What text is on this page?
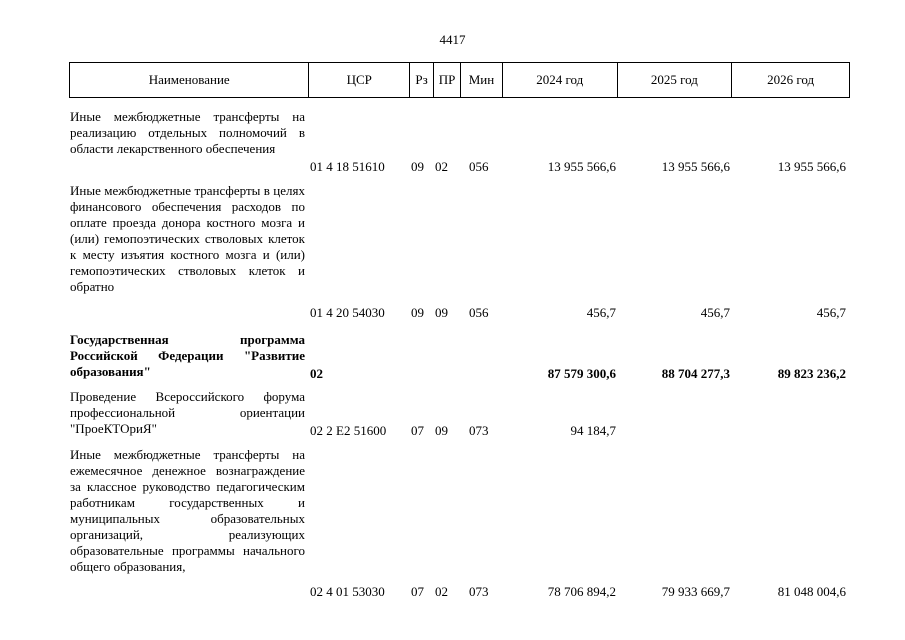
4417
Наименование	ЦСР	Рз ПР	Мин	2024 год	2025 год	2026 год
Иные межбюджетные трансферты на реализацию отдельных полномочий в области лекарственного обеспечения
01 4 18 51610 09 02 056	13 955 566,6	13 955 566,6	13 955 566,6
Иные межбюджетные трансферты в целях финансового обеспечения расходов по оплате проезда донора костного мозга и (или) гемопоэтических стволовых клеток к месту изъятия костного мозга и (или) гемопоэтических стволовых клеток и обратно
01 4 20 54030 09 09 056	456,7	456,7	456,7
Государственная программа Российской Федерации "Развитие образования"	02	87 579 300,6	88 704 277,3	89 823 236,2
Проведение Всероссийского форума профессиональной ориентации "ПроеКТОриЯ"	02 2 E2 51600 07 09 073	94 184,7
Иные межбюджетные трансферты на ежемесячное денежное вознаграждение за классное руководство педагогическим работникам государственных и муниципальных образовательных организаций, реализующих образовательные программы начального общего образования,
02 4 01 53030 07 02 073	78 706 894,2	79 933 669,7	81 048 004,6
